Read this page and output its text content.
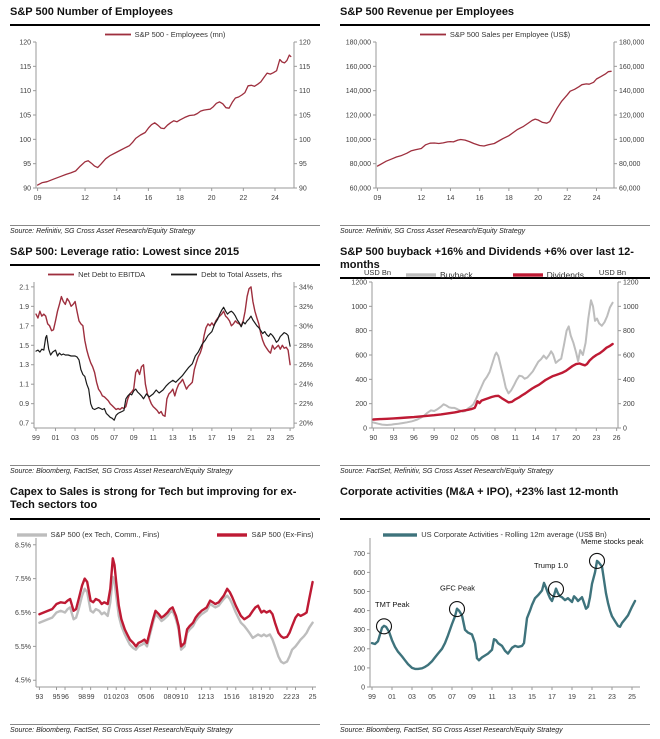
S&P 500 Number of Employees
90
95
100
105
110
115
120
90
95
100
105
110
115
120
09	12	14	16	18	20	22	24
S&P 500 - Employees (mn)
Source: Refinitiv, SG Cross Asset Research/Equity Strategy
S&P 500 Revenue per Employees
60,000
80,000
100,000
120,000
140,000
160,000
180,000
60,000
80,000
100,000
120,000
140,000
160,000
180,000
09	12	14	16	18	20	22	24
S&P 500 Sales per Employee (US$)
Source: Refinitiv, SG Cross Asset Research/Equity Strategy
S&P 500: Leverage ratio: Lowest since 2015
0.7
0.9
1.1
1.3
1.5
1.7
1.9
2.1
20%
22%
24%
26%
28%
30%
32%
34%
99 01 03 05 07 09 11 13 15 17 19 21 23 25
Net Debt to EBITDA	Debt to Total Assets, rhs
Source: Bloomberg, FactSet, SG Cross Asset Research/Equity Strategy
S&P 500 buyback +16% and Dividends +6% over last 12-months
USD Bn	USD Bn
0
200
400
600
800
1000
1200
0
200
400
600
800
1000
1200
90 93 96 99 02 05 08 11 14 17 20 23 26
Buyback	Dividends
Source: FactSet, Refinitiv, SG Cross Asset Research/Equity Strategy
Capex to Sales is strong for Tech but improving for ex-Tech sectors too
4.5%
5.5%
6.5%
7.5%
8.5%
93 95 96 98 99 01 02 03 05 06 08 09 10 12 13 15 16 18 19 20 22 23 25
S&P 500 (ex Tech, Comm., Fins)	S&P 500 (Ex-Fins)
Source: Bloomberg, FactSet, SG Cross Asset Research/Equity Strategy
Corporate activities (M&A + IPO), +23% last 12-month
0
100
200
300
400
500
600
700
99 01 03 05 07 09 11 13 15 17 19 21 23 25
TMT Peak
GFC Peak
Trump 1.0
Meme stocks peak
US Corporate Activities - Rolling 12m average (US$ Bn)
Source: Bloomberg, FactSet, SG Cross Asset Research/Equity Strategy
